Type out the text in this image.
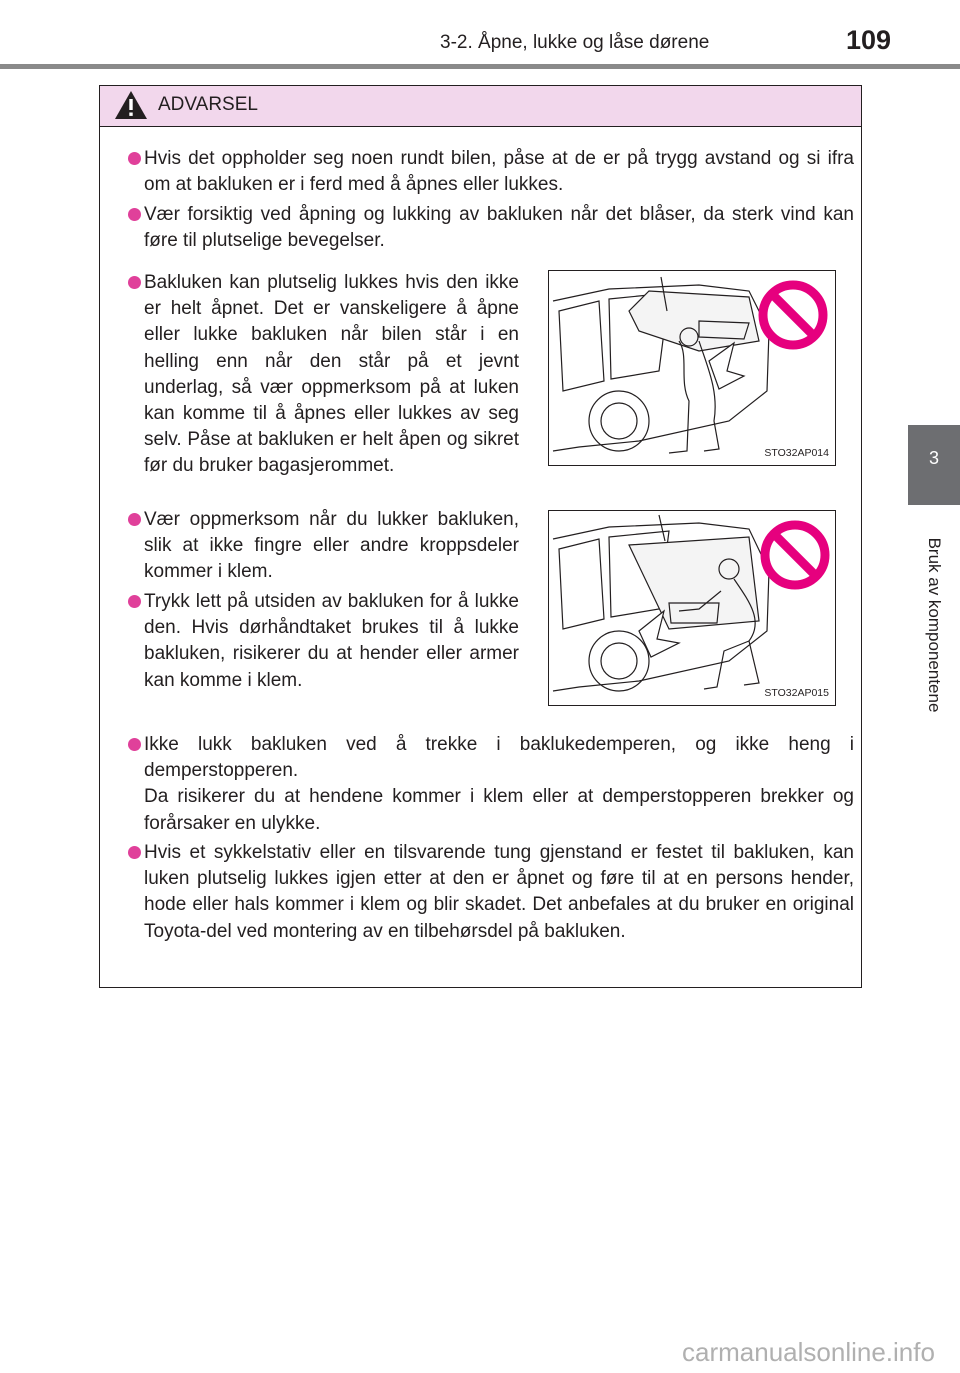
3-2. Åpne, lukke og låse dørene	109
3
Bruk av komponentene
ADVARSEL
Hvis det oppholder seg noen rundt bilen, påse at de er på trygg avstand og si ifra om at bakluken er i ferd med å åpnes eller lukkes.
Vær forsiktig ved åpning og lukking av bakluken når det blåser, da sterk vind kan føre til plutselige bevegelser.
Bakluken kan plutselig lukkes hvis den ikke er helt åpnet. Det er vanskeligere å åpne eller lukke bakluken når bilen står i en helling enn når den står på et jevnt underlag, så vær oppmerksom på at luken kan komme til å åpnes eller lukkes av seg selv. Påse at bakluken er helt åpen og sikret før du bruker bagasjerommet.
STO32AP014
Vær oppmerksom når du lukker bakluken, slik at ikke fingre eller andre kroppsdeler kommer i klem.
Trykk lett på utsiden av bakluken for å lukke den. Hvis dørhåndtaket brukes til å lukke bakluken, risikerer du at hender eller armer kan komme i klem.
STO32AP015
Ikke lukk bakluken ved å trekke i baklukedemperen, og ikke heng i demperstopperen.
Da risikerer du at hendene kommer i klem eller at demperstopperen brekker og forårsaker en ulykke.
Hvis et sykkelstativ eller en tilsvarende tung gjenstand er festet til bakluken, kan luken plutselig lukkes igjen etter at den er åpnet og føre til at en persons hender, hode eller hals kommer i klem og blir skadet. Det anbefales at du bruker en original Toyota-del ved montering av en tilbehørsdel på bakluken.
carmanualsonline.info
